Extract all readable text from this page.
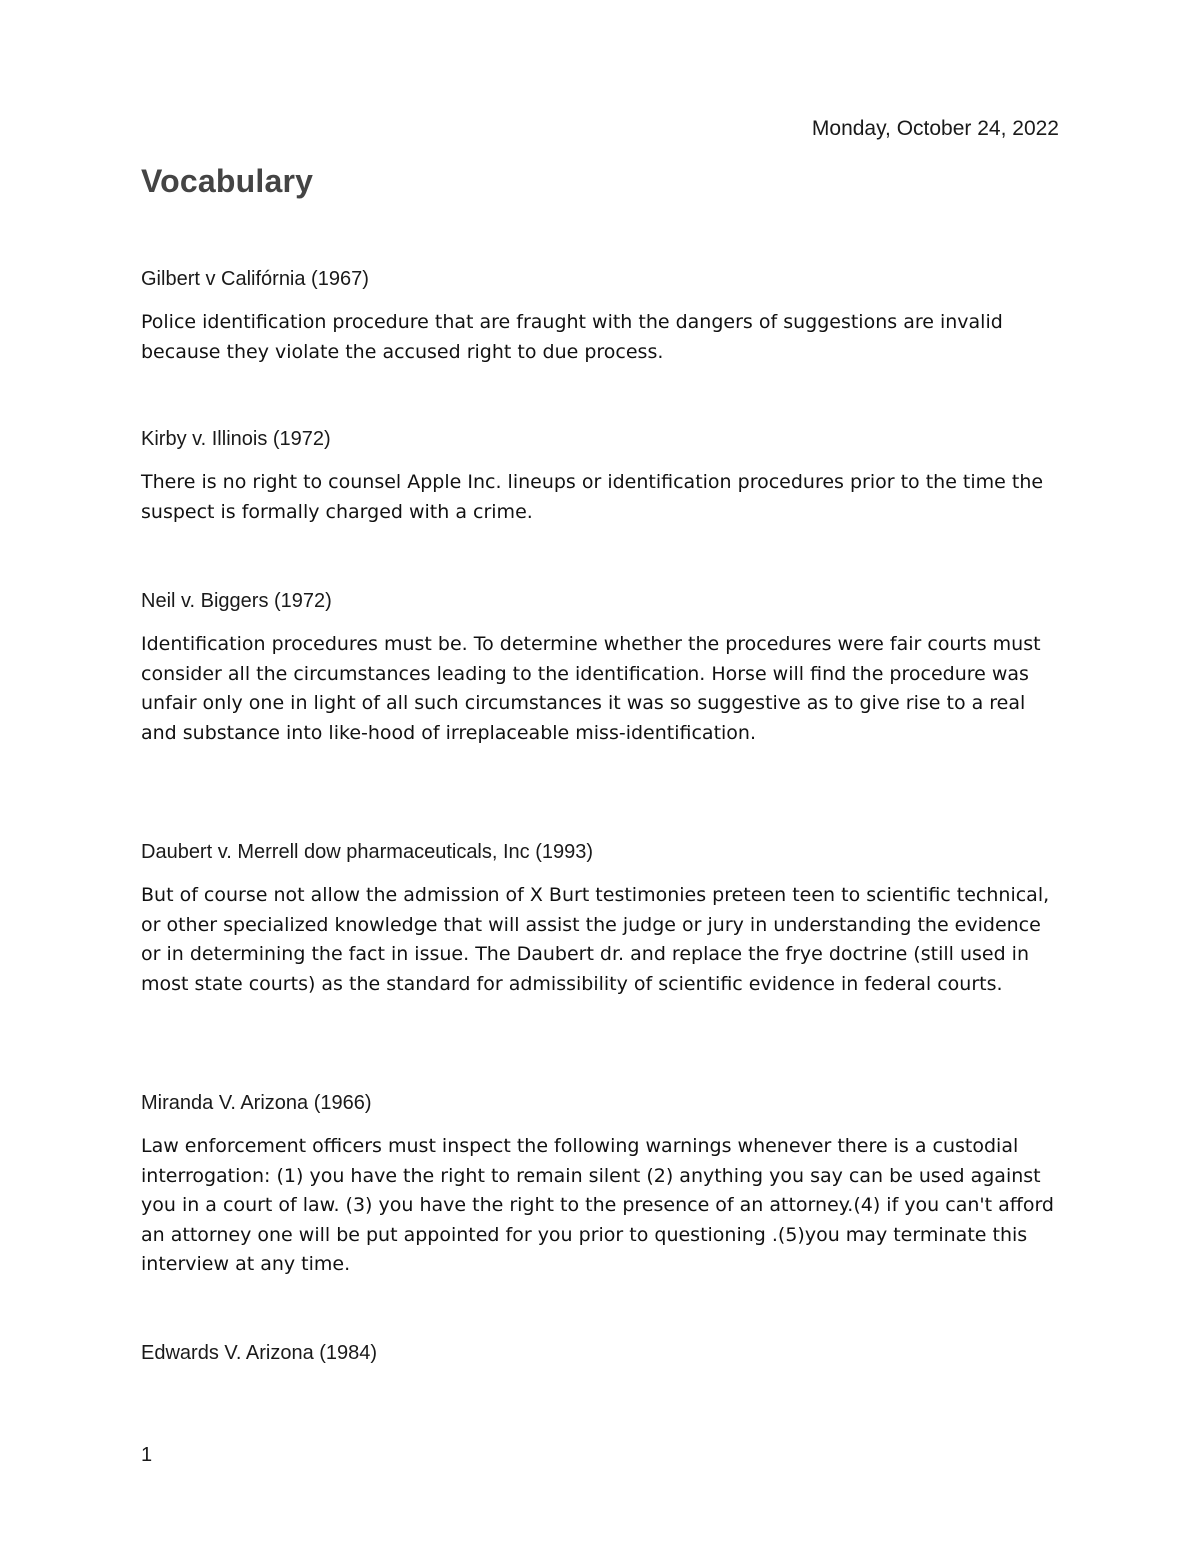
Monday, October 24, 2022
Vocabulary
Gilbert v Califórnia (1967)

Police identification procedure that are fraught with the dangers of suggestions are invalid because they violate the accused right to due process.

Kirby v. Illinois (1972)

There is no right to counsel Apple Inc. lineups or identification procedures prior to the time the suspect is formally charged with a crime.

Neil v. Biggers (1972)

Identification procedures must be. To determine whether the procedures were fair courts must consider all the circumstances leading to the identification. Horse will find the procedure was unfair only one in light of all such circumstances it was so suggestive as to give rise to a real and substance into like-hood of irreplaceable miss-identification.

Daubert v. Merrell dow pharmaceuticals, Inc (1993)

But of course not allow the admission of X Burt testimonies preteen teen to scientific technical, or other specialized knowledge that will assist the judge or jury in understanding the evidence or in determining the fact in issue. The Daubert dr. and replace the frye doctrine (still used in most state courts) as the standard for admissibility of scientific evidence in federal courts.

Miranda V. Arizona (1966)

Law enforcement officers must inspect the following warnings whenever there is a custodial interrogation: (1) you have the right to remain silent (2) anything you say can be used against you in a court of law. (3) you have the right to the presence of an attorney.(4) if you can't afford an attorney one will be put appointed for you prior to questioning .(5)you may terminate this interview at any time.

Edwards V. Arizona (1984)
1
